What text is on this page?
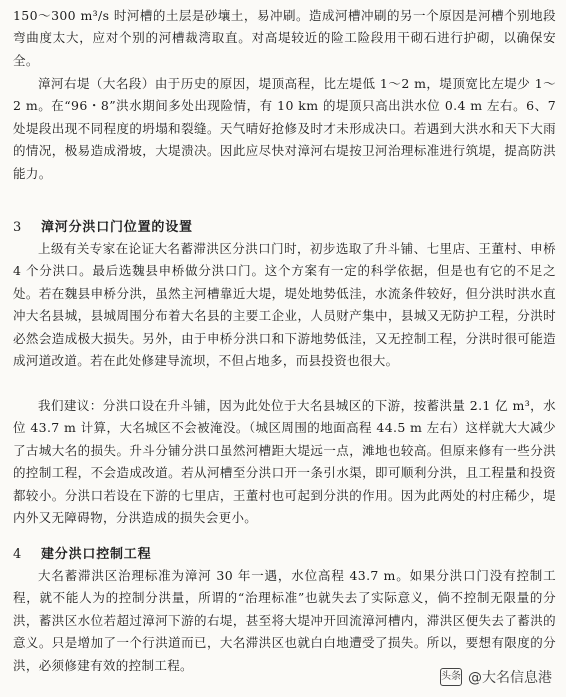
150～300 m³/s 时河槽的土层是砂壤土，易冲刷。造成河槽冲刷的另一个原因是河槽个别地段弯曲度太大，应对个别的河槽裁湾取直。对高堤较近的险工险段用干砌石进行护砌，以确保安全。

漳河右堤（大名段）由于历史的原因，堤顶高程，比左堤低 1～2 m，堤顶宽比左堤少 1～2 m。在“96・8”洪水期间多处出现险情，有 10 km 的堤顶只高出洪水位 0.4 m 左右。6、7 处堤段出现不同程度的坍塌和裂缝。天气晴好抢修及时才未形成决口。若遇到大洪水和天下大雨的情况，极易造成滑坡，大堤溃决。因此应尽快对漳河右堤按卫河治理标准进行筑堤，提高防洪能力。

3 漳河分洪口门位置的设置

上级有关专家在论证大名蓄滞洪区分洪口门时，初步选取了升斗铺、七里店、王董村、申桥 4 个分洪口。最后选魏县申桥做分洪口门。这个方案有一定的科学依据，但是也有它的不足之处。若在魏县申桥分洪，虽然主河槽靠近大堤，堤处地势低洼，水流条件较好，但分洪时洪水直冲大名县城，县城周围分布着大名县的主要工企业，人员财产集中，县城又无防护工程，分洪时必然会造成极大损失。另外，由于申桥分洪口和下游地势低洼，又无控制工程，分洪时很可能造成河道改道。若在此处修建导流坝，不但占地多，而县投资也很大。

我们建议：分洪口设在升斗铺，因为此处位于大名县城区的下游，按蓄洪量 2.1 亿 m³，水位 43.7 m 计算，大名城区不会被淹没。（城区周围的地面高程 44.5 m 左右）这样就大大减少了古城大名的损失。升斗分铺分洪口虽然河槽距大堤远一点，滩地也较高。但原来修有一些分洪的控制工程，不会造成改道。若从河槽至分洪口开一条引水渠，即可顺利分洪，且工程量和投资都较小。分洪口若设在下游的七里店，王董村也可起到分洪的作用。因为此两处的村庄稀少，堤内外又无障碍物，分洪造成的损失会更小。

4 建分洪口控制工程

大名蓄滞洪区治理标准为漳河 30 年一遇，水位高程 43.7 m。如果分洪口门没有控制工程，就不能人为的控制分洪量，所谓的“治理标准”也就失去了实际意义，倘不控制无限量的分洪，蓄洪区水位若超过漳河下游的右堤，甚至将大堤冲开回流漳河槽内，滞洪区便失去了蓄洪的意义。只是增加了一个行洪道而已，大名滞洪区也就白白地遭受了损失。所以，要想有限度的分洪，必须修建有效的控制工程。

头条 @大名信息港
